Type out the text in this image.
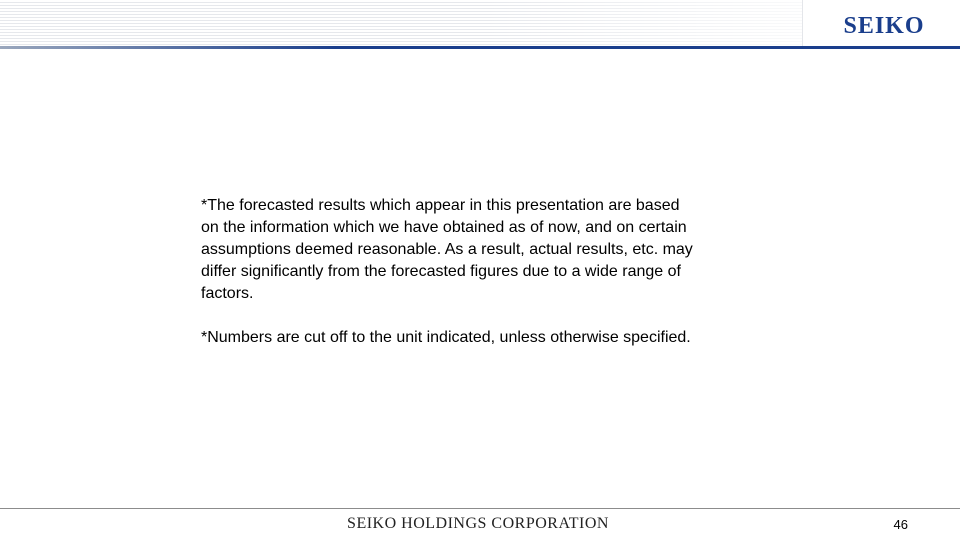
SEIKO

*The forecasted results which appear in this presentation are based

on the information which we have obtained as of now, and on certain

assumptions deemed reasonable. As a result, actual results, etc. may

differ significantly from the forecasted figures due to a wide range of

factors.

*Numbers are cut off to the unit indicated, unless otherwise specified.

SEIKO HOLDINGS CORPORATION	46
